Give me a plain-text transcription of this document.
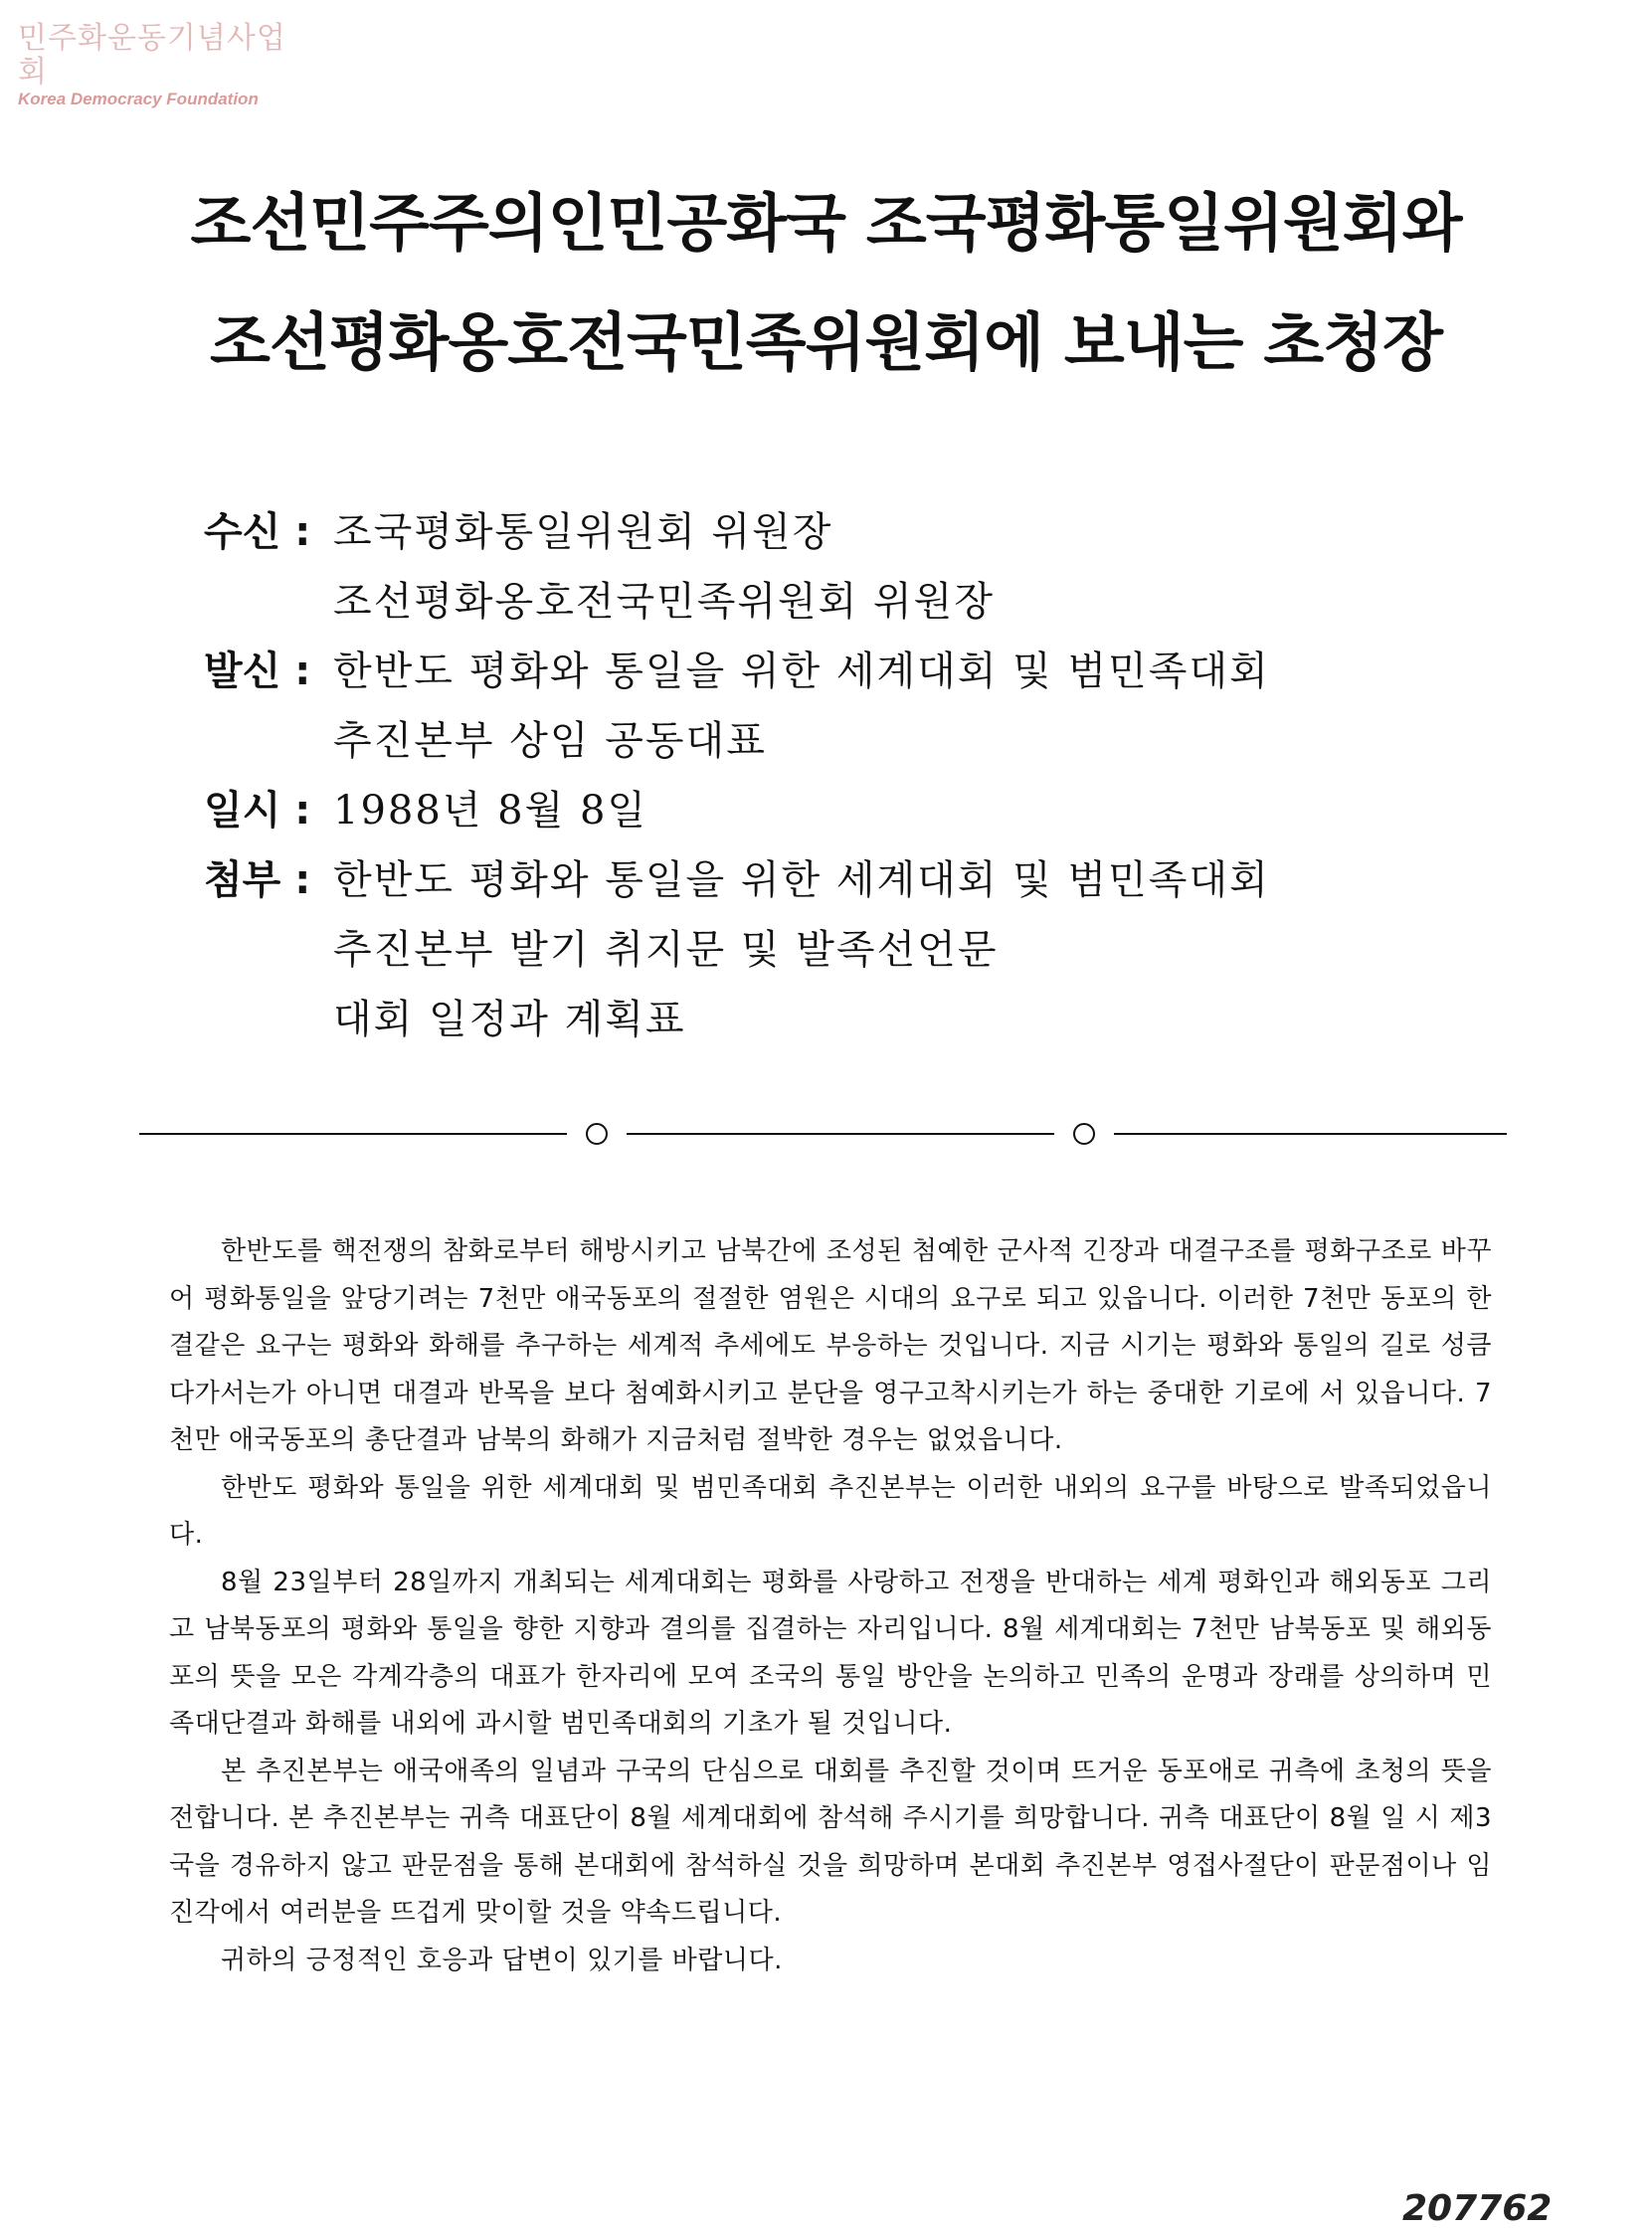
민주화운동기념사업회
Korea Democracy Foundation
조선민주주의인민공화국 조국평화통일위원회와
조선평화옹호전국민족위원회에 보내는 초청장
수신 : 조국평화통일위원회 위원장
조선평화옹호전국민족위원회 위원장
발신 : 한반도 평화와 통일을 위한 세계대회 및 범민족대회
추진본부 상임 공동대표
일시 : 1988년 8월 8일
첨부 : 한반도 평화와 통일을 위한 세계대회 및 범민족대회
추진본부 발기 취지문 및 발족선언문
대회 일정과 계획표

한반도를 핵전쟁의 참화로부터 해방시키고 남북간에 조성된 첨예한 군사적 긴장과 대결구조를 평화구조로 바꾸어 평화통일을 앞당기려는 7천만 애국동포의 절절한 염원은 시대의 요구로 되고 있읍니다. 이러한 7천만 동포의 한결같은 요구는 평화와 화해를 추구하는 세계적 추세에도 부응하는 것입니다. 지금 시기는 평화와 통일의 길로 성큼 다가서는가 아니면 대결과 반목을 보다 첨예화시키고 분단을 영구고착시키는가 하는 중대한 기로에 서 있읍니다. 7천만 애국동포의 총단결과 남북의 화해가 지금처럼 절박한 경우는 없었읍니다.

한반도 평화와 통일을 위한 세계대회 및 범민족대회 추진본부는 이러한 내외의 요구를 바탕으로 발족되었읍니다.

8월 23일부터 28일까지 개최되는 세계대회는 평화를 사랑하고 전쟁을 반대하는 세계 평화인과 해외동포 그리고 남북동포의 평화와 통일을 향한 지향과 결의를 집결하는 자리입니다. 8월 세계대회는 7천만 남북동포 및 해외동포의 뜻을 모은 각계각층의 대표가 한자리에 모여 조국의 통일 방안을 논의하고 민족의 운명과 장래를 상의하며 민족대단결과 화해를 내외에 과시할 범민족대회의 기초가 될 것입니다.

본 추진본부는 애국애족의 일념과 구국의 단심으로 대회를 추진할 것이며 뜨거운 동포애로 귀측에 초청의 뜻을 전합니다. 본 추진본부는 귀측 대표단이 8월 세계대회에 참석해 주시기를 희망합니다. 귀측 대표단이 8월 일 시 제3국을 경유하지 않고 판문점을 통해 본대회에 참석하실 것을 희망하며 본대회 추진본부 영접사절단이 판문점이나 임진각에서 여러분을 뜨겁게 맞이할 것을 약속드립니다.

귀하의 긍정적인 호응과 답변이 있기를 바랍니다.

207762
